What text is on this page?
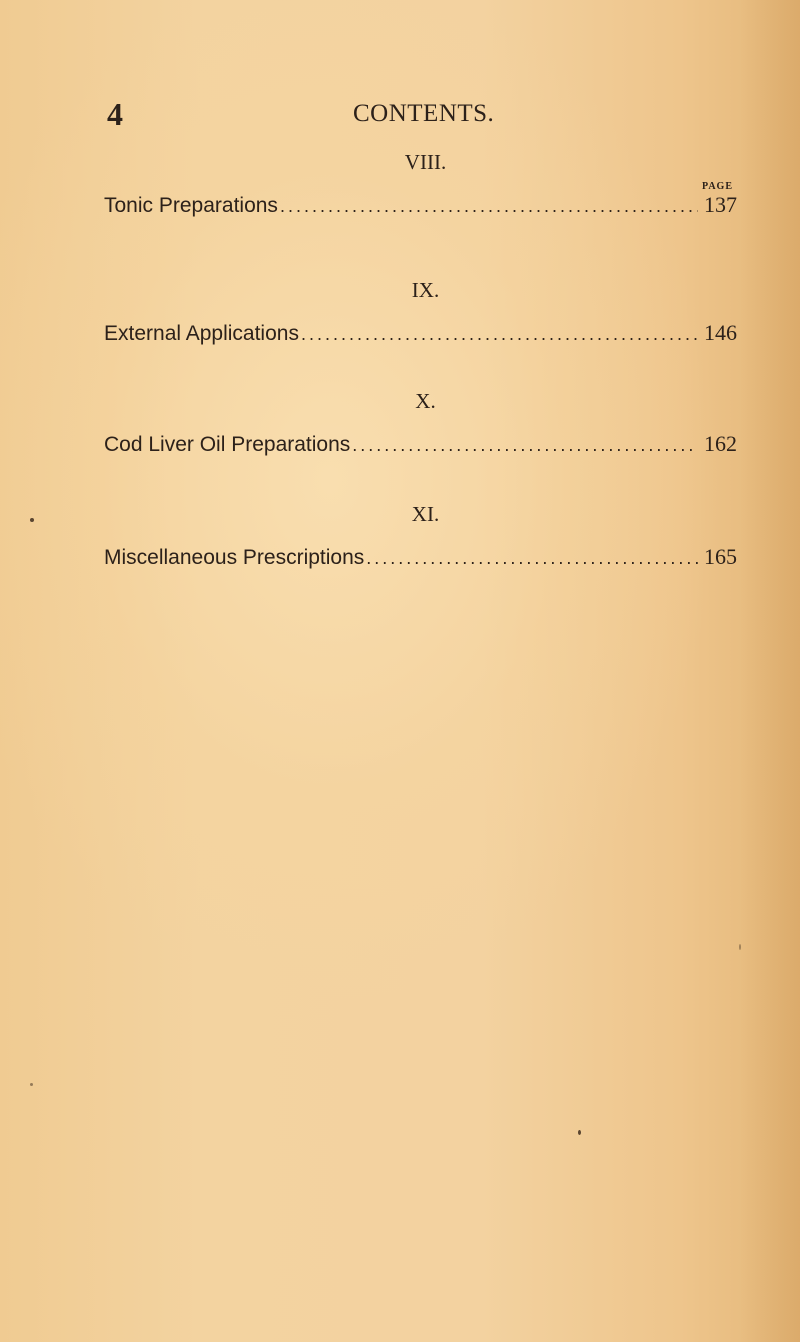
4	CONTENTS.
VIII.
PAGE
Tonic Preparations . . .	137
IX.
External Applications . . .	146
X.
Cod Liver Oil Preparations . . .	162
XI.
Miscellaneous Prescriptions . . .	165
